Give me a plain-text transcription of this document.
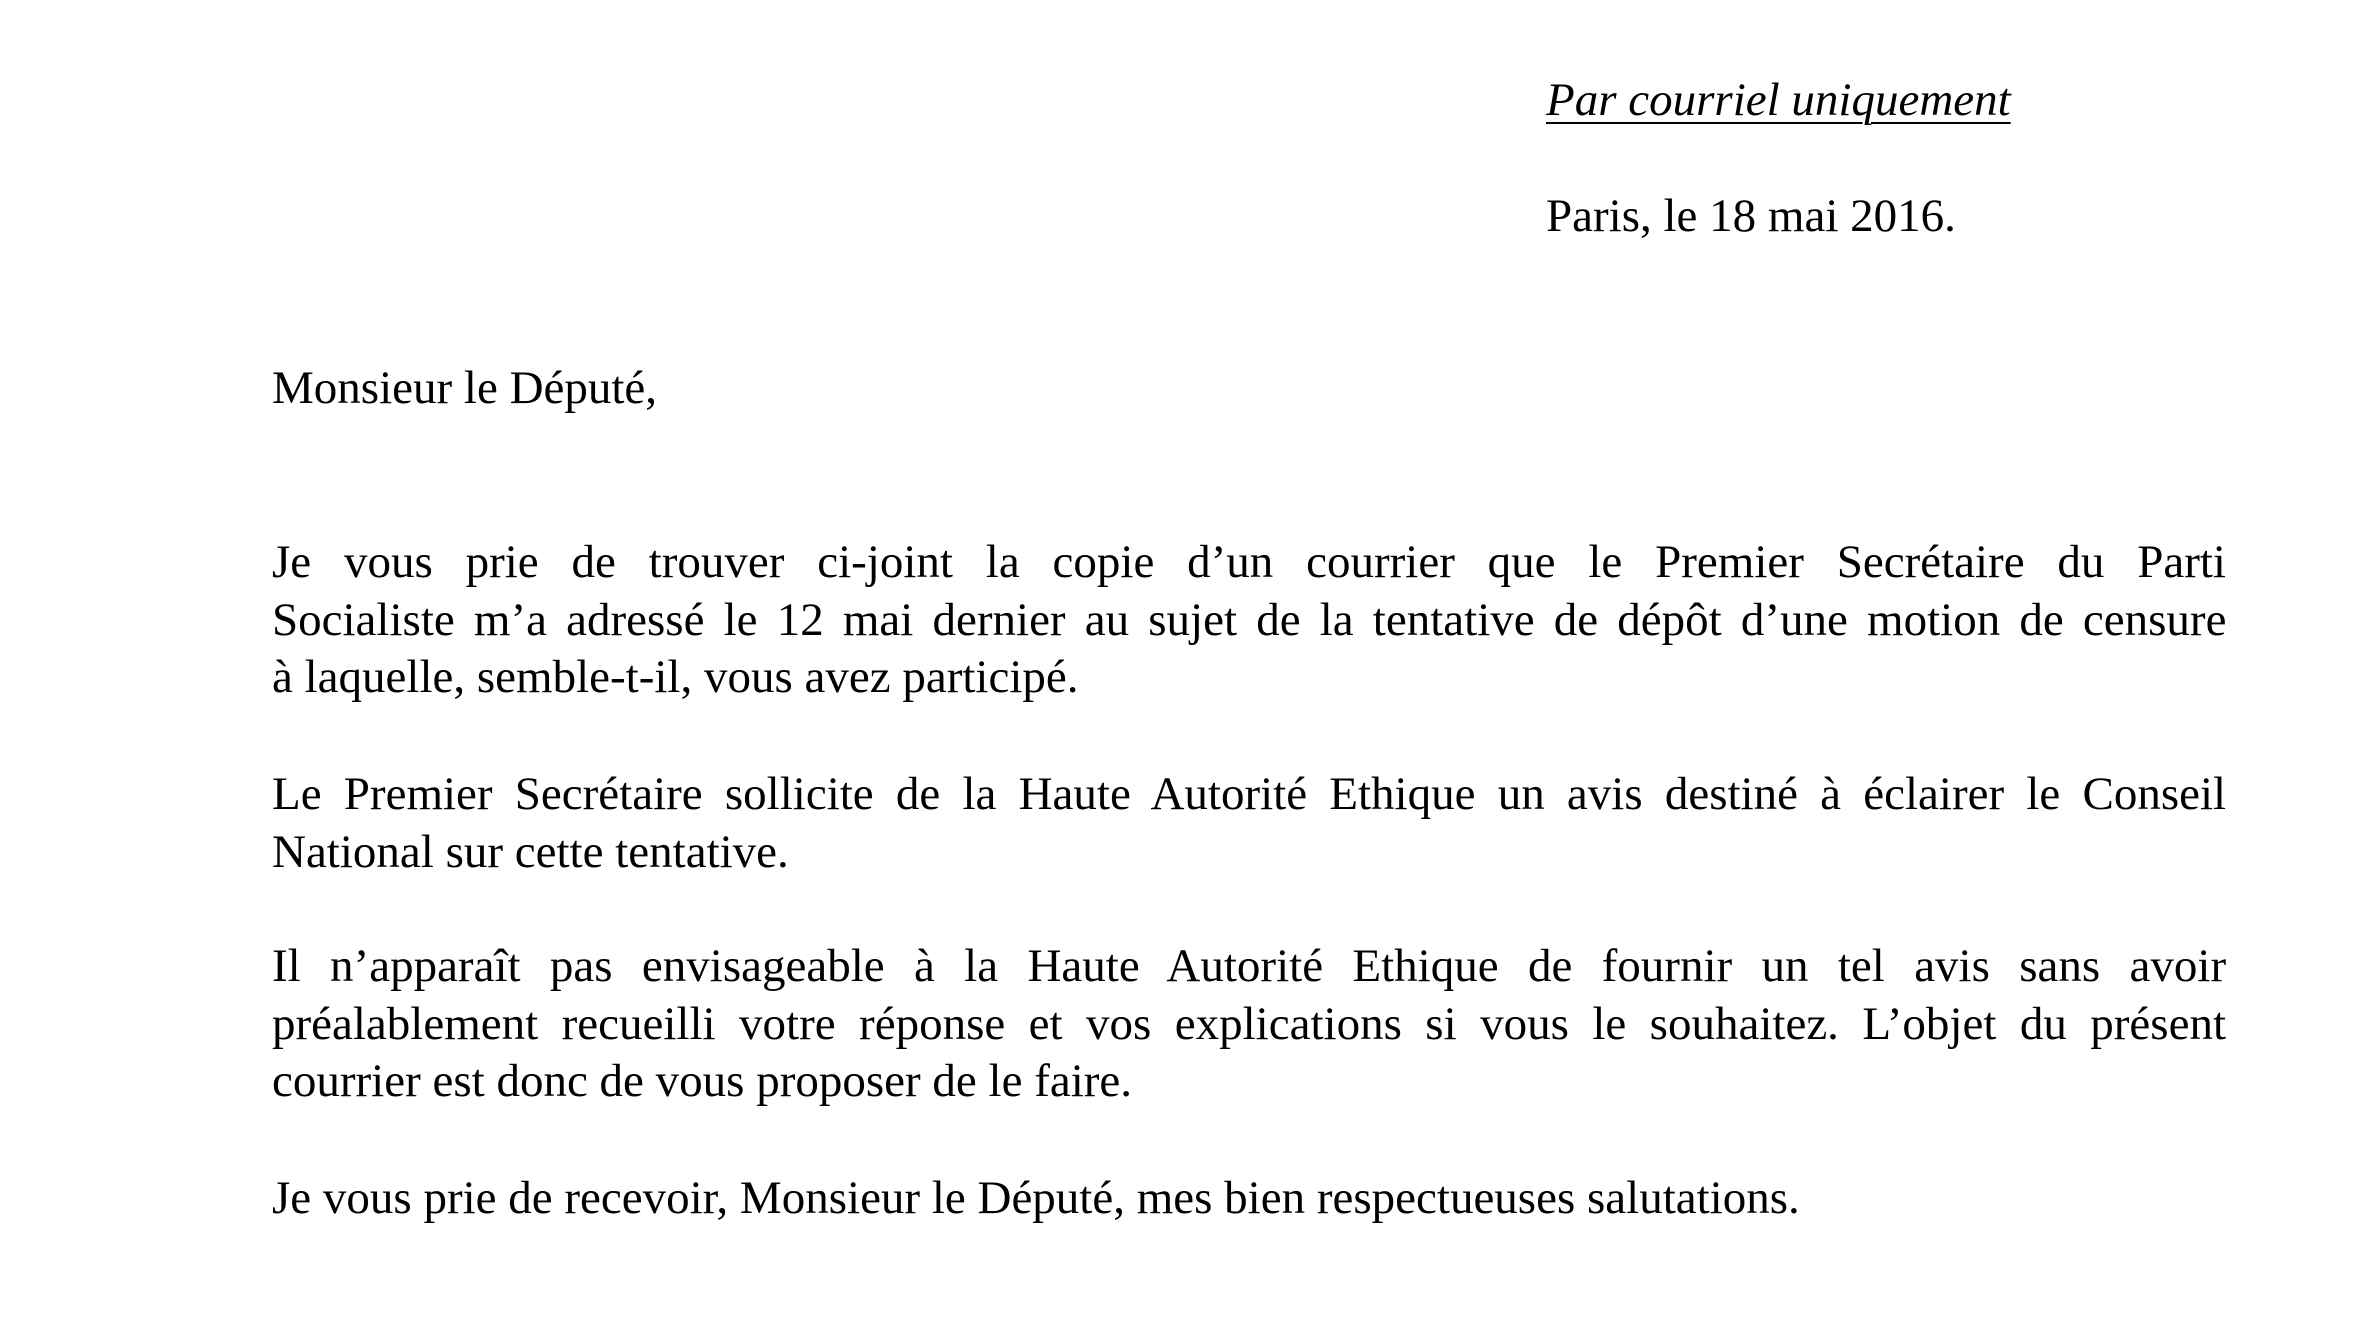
Par courriel uniquement
Paris, le 18 mai 2016.
Monsieur le Député,
Je vous prie de trouver ci-joint la copie d’un courrier que le Premier Secrétaire du Parti
Socialiste m’a adressé le 12 mai dernier au sujet de la tentative de dépôt d’une motion de censure
à laquelle, semble-t-il, vous avez participé.
Le Premier Secrétaire sollicite de la Haute Autorité Ethique un avis destiné à éclairer le Conseil
National sur cette tentative.
Il n’apparaît pas envisageable à la Haute Autorité Ethique de fournir un tel avis sans avoir
préalablement recueilli votre réponse et vos explications si vous le souhaitez. L’objet du présent
courrier est donc de vous proposer de le faire.
Je vous prie de recevoir, Monsieur le Député, mes bien respectueuses salutations.
